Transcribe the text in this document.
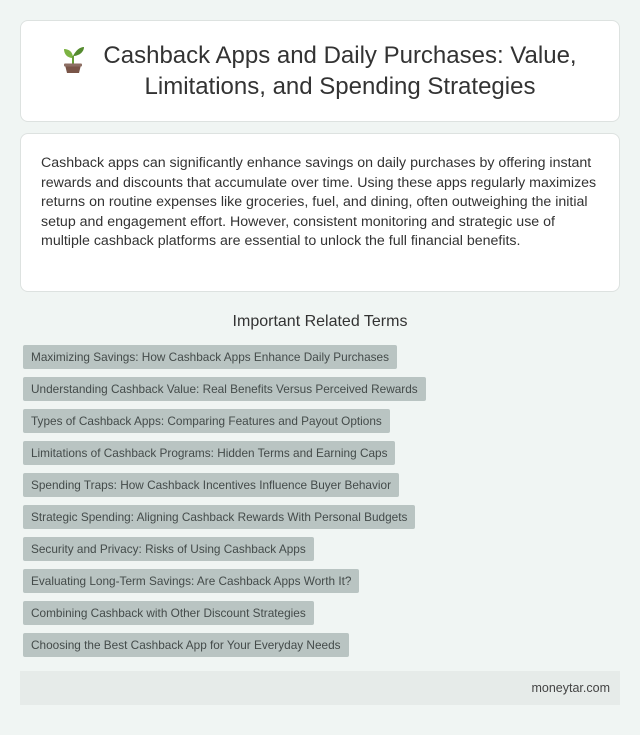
Cashback Apps and Daily Purchases: Value, Limitations, and Spending Strategies

Cashback apps can significantly enhance savings on daily purchases by offering instant rewards and discounts that accumulate over time. Using these apps regularly maximizes returns on routine expenses like groceries, fuel, and dining, often outweighing the initial setup and engagement effort. However, consistent monitoring and strategic use of multiple cashback platforms are essential to unlock the full financial benefits.

Important Related Terms
Maximizing Savings: How Cashback Apps Enhance Daily Purchases
Understanding Cashback Value: Real Benefits Versus Perceived Rewards
Types of Cashback Apps: Comparing Features and Payout Options
Limitations of Cashback Programs: Hidden Terms and Earning Caps
Spending Traps: How Cashback Incentives Influence Buyer Behavior
Strategic Spending: Aligning Cashback Rewards With Personal Budgets
Security and Privacy: Risks of Using Cashback Apps
Evaluating Long-Term Savings: Are Cashback Apps Worth It?
Combining Cashback with Other Discount Strategies
Choosing the Best Cashback App for Your Everyday Needs
moneytar.com
